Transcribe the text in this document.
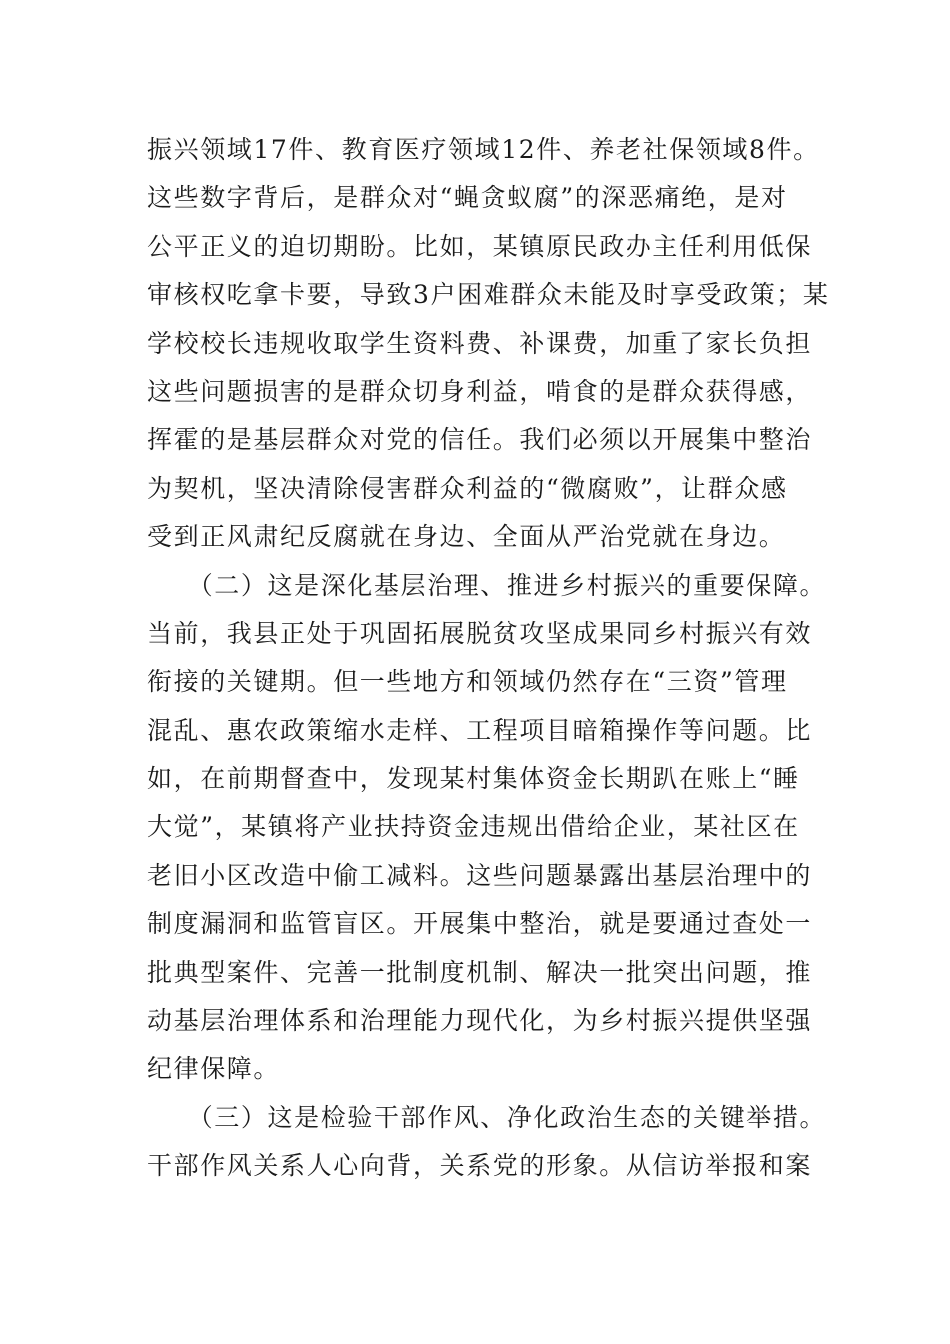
振兴领域17件、教育医疗领域12件、养老社保领域8件。
这些数字背后，是群众对“蝇贪蚁腐”的深恶痛绝，是对
公平正义的迫切期盼。比如，某镇原民政办主任利用低保
审核权吃拿卡要，导致3户困难群众未能及时享受政策；某
学校校长违规收取学生资料费、补课费，加重了家长负担
这些问题损害的是群众切身利益，啃食的是群众获得感，
挥霍的是基层群众对党的信任。我们必须以开展集中整治
为契机，坚决清除侵害群众利益的“微腐败”，让群众感
受到正风肃纪反腐就在身边、全面从严治党就在身边。
　　（二）这是深化基层治理、推进乡村振兴的重要保障。
当前，我县正处于巩固拓展脱贫攻坚成果同乡村振兴有效
衔接的关键期。但一些地方和领域仍然存在“三资”管理
混乱、惠农政策缩水走样、工程项目暗箱操作等问题。比
如，在前期督查中，发现某村集体资金长期趴在账上“睡
大觉”，某镇将产业扶持资金违规出借给企业，某社区在
老旧小区改造中偷工减料。这些问题暴露出基层治理中的
制度漏洞和监管盲区。开展集中整治，就是要通过查处一
批典型案件、完善一批制度机制、解决一批突出问题，推
动基层治理体系和治理能力现代化，为乡村振兴提供坚强
纪律保障。
　　（三）这是检验干部作风、净化政治生态的关键举措。
干部作风关系人心向背，关系党的形象。从信访举报和案
